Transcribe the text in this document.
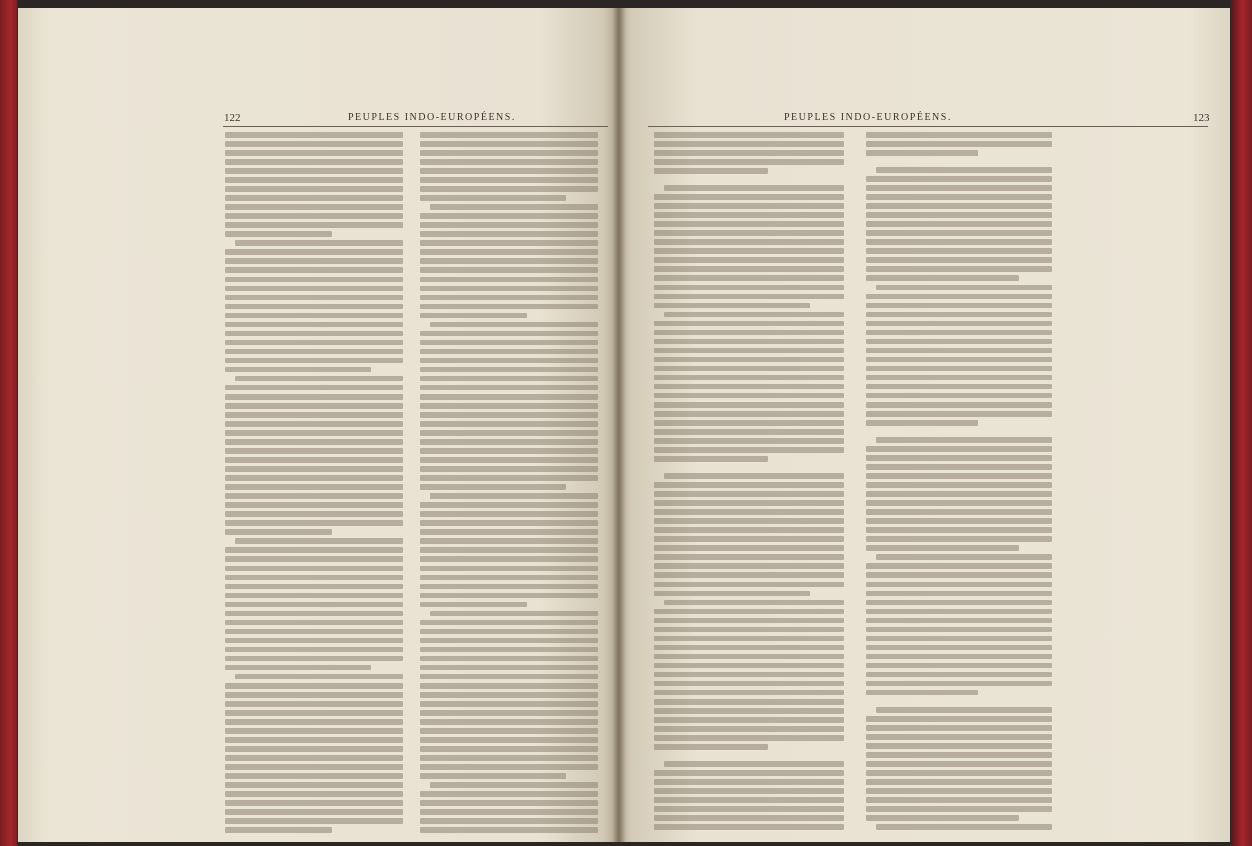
122	PEUPLES INDO-EUROPÉENS.	PEUPLES INDO-EUROPÉENS.	123
